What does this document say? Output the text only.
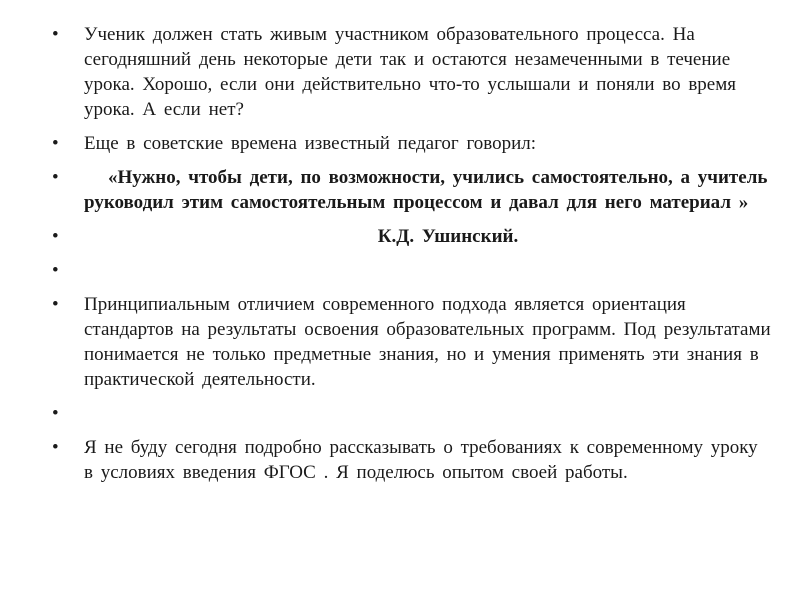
•	Ученик должен стать живым участником образовательного процесса. На сегодняшний день некоторые дети так и остаются незамеченными в течение урока. Хорошо, если они действительно что-то услышали и поняли во время урока. А если нет?
•	Еще в советские времена известный педагог говорил:
•	«Нужно, чтобы дети, по возможности, учились самостоятельно, а учитель руководил этим самостоятельным процессом и давал для него материал »
•	К.Д. Ушинский.
•
•	Принципиальным отличием современного подхода является ориентация стандартов на результаты освоения образовательных программ. Под результатами понимается не только предметные знания, но и умения применять эти знания в практической деятельности.
•
•	Я не буду сегодня подробно рассказывать о требованиях к современному уроку в условиях введения ФГОС . Я поделюсь опытом своей работы.
